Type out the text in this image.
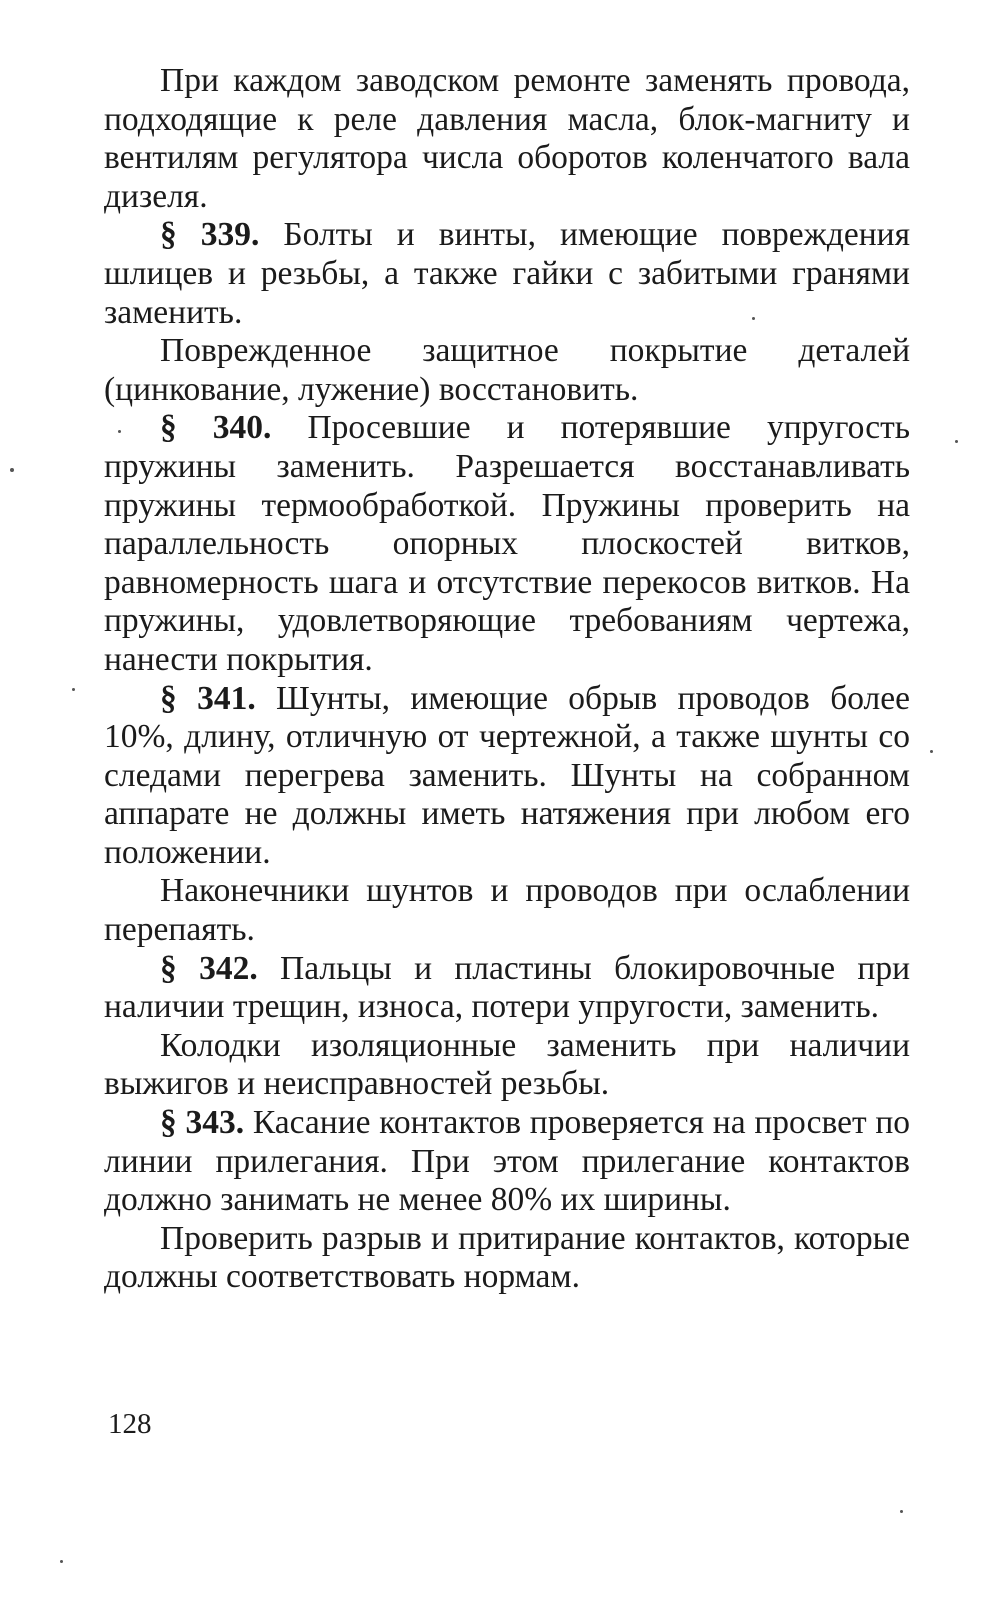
При каждом заводском ремонте заменять провода, подходящие к реле давления масла, блок-магниту и вентилям регулятора числа оборотов коленчатого вала дизеля.

§ 339. Болты и винты, имеющие повреждения шлицев и резьбы, а также гайки с забитыми гранями заменить.

Поврежденное защитное покрытие деталей (цинкование, лужение) восстановить.

§ 340. Просевшие и потерявшие упругость пружины заменить. Разрешается восстанавливать пружины термообработкой. Пружины проверить на параллельность опорных плоскостей витков, равномерность шага и отсутствие перекосов витков. На пружины, удовлетворяющие требованиям чертежа, нанести покрытия.

§ 341. Шунты, имеющие обрыв проводов более 10%, длину, отличную от чертежной, а также шунты со следами перегрева заменить. Шунты на собранном аппарате не должны иметь натяжения при любом его положении.

Наконечники шунтов и проводов при ослаблении перепаять.

§ 342. Пальцы и пластины блокировочные при наличии трещин, износа, потери упругости, заменить.

Колодки изоляционные заменить при наличии выжигов и неисправностей резьбы.

§ 343. Касание контактов проверяется на просвет по линии прилегания. При этом прилегание контактов должно занимать не менее 80% их ширины.

Проверить разрыв и притирание контактов, которые должны соответствовать нормам.

128
